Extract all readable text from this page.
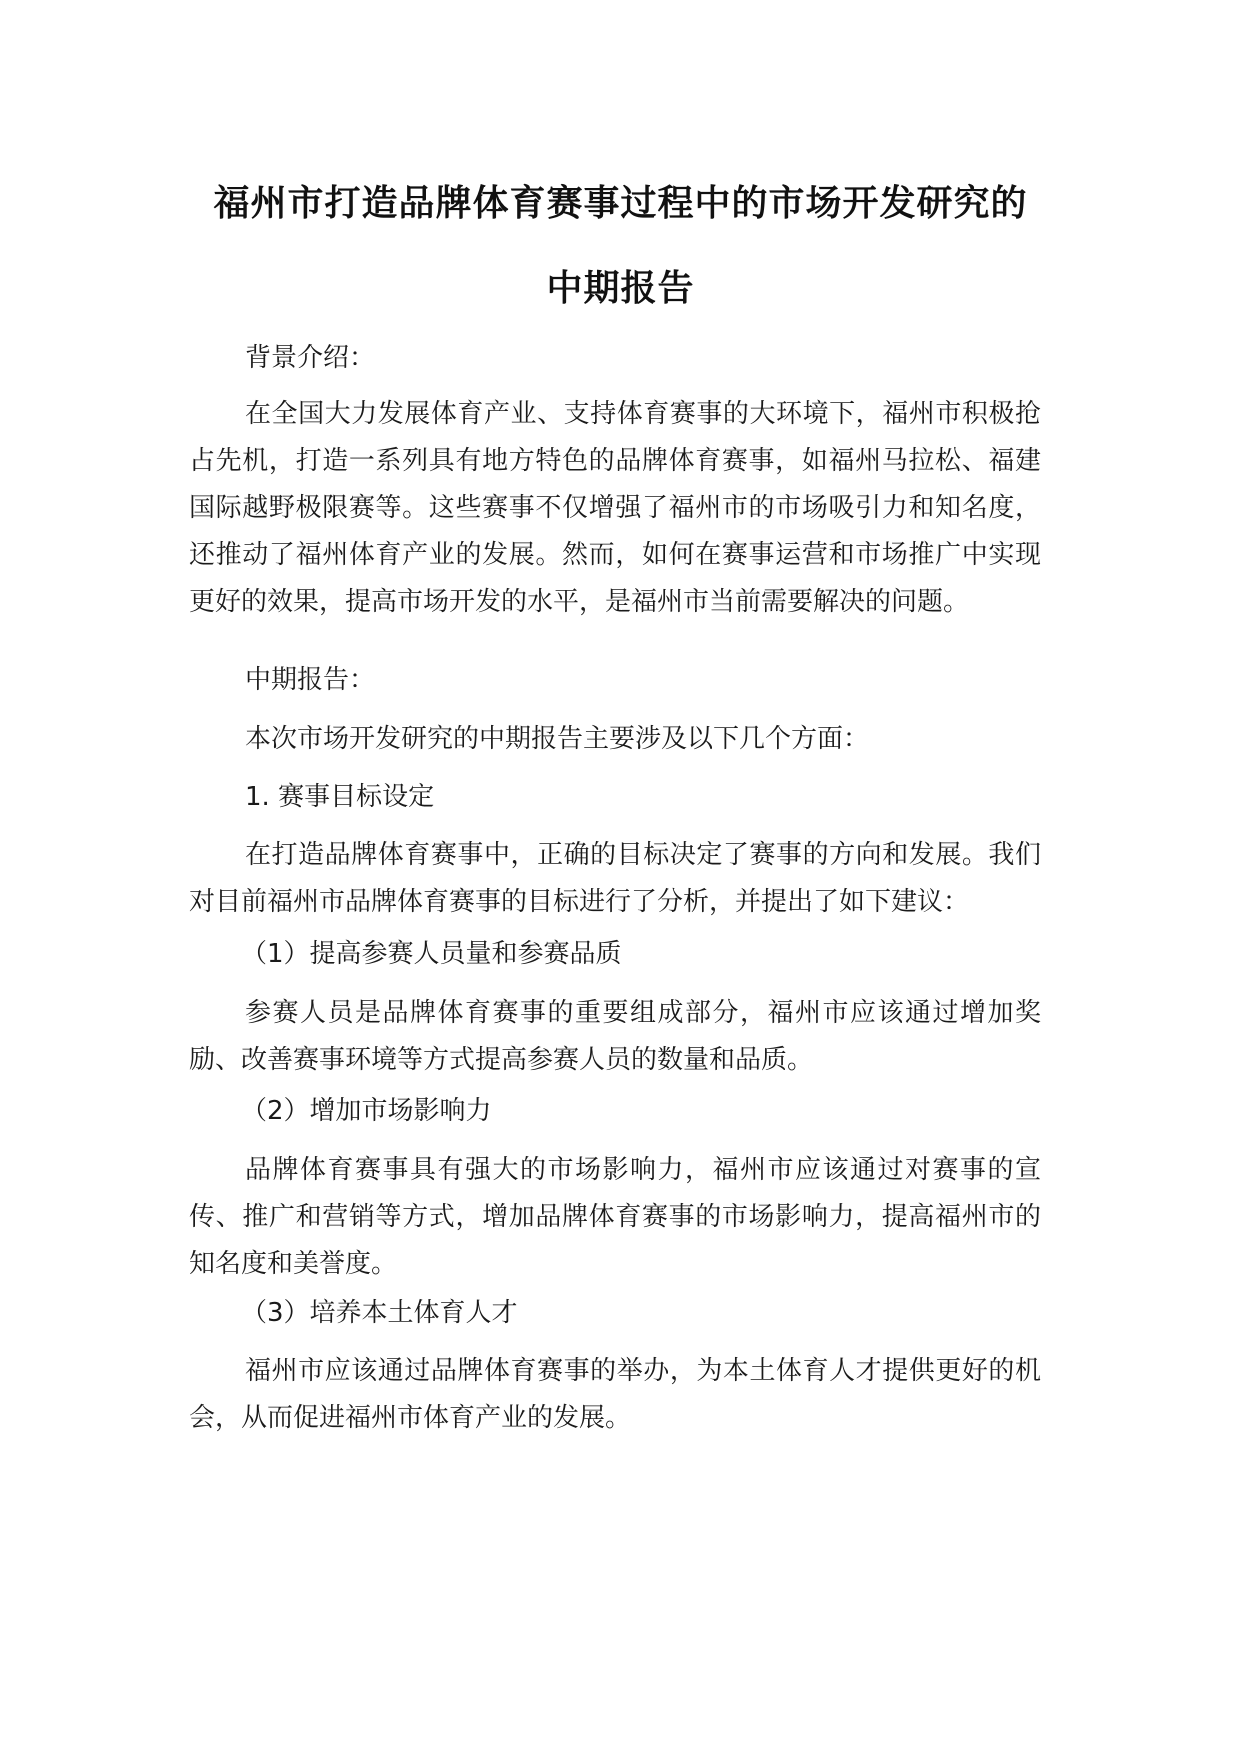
福州市打造品牌体育赛事过程中的市场开发研究的
中期报告

背景介绍：

在全国大力发展体育产业、支持体育赛事的大环境下，福州市积极抢占先机，打造一系列具有地方特色的品牌体育赛事，如福州马拉松、福建国际越野极限赛等。这些赛事不仅增强了福州市的市场吸引力和知名度，还推动了福州体育产业的发展。然而，如何在赛事运营和市场推广中实现更好的效果，提高市场开发的水平，是福州市当前需要解决的问题。

中期报告：

本次市场开发研究的中期报告主要涉及以下几个方面：

1. 赛事目标设定

在打造品牌体育赛事中，正确的目标决定了赛事的方向和发展。我们对目前福州市品牌体育赛事的目标进行了分析，并提出了如下建议：

（1）提高参赛人员量和参赛品质

参赛人员是品牌体育赛事的重要组成部分，福州市应该通过增加奖励、改善赛事环境等方式提高参赛人员的数量和品质。

（2）增加市场影响力

品牌体育赛事具有强大的市场影响力，福州市应该通过对赛事的宣传、推广和营销等方式，增加品牌体育赛事的市场影响力，提高福州市的知名度和美誉度。

（3）培养本土体育人才

福州市应该通过品牌体育赛事的举办，为本土体育人才提供更好的机会，从而促进福州市体育产业的发展。
